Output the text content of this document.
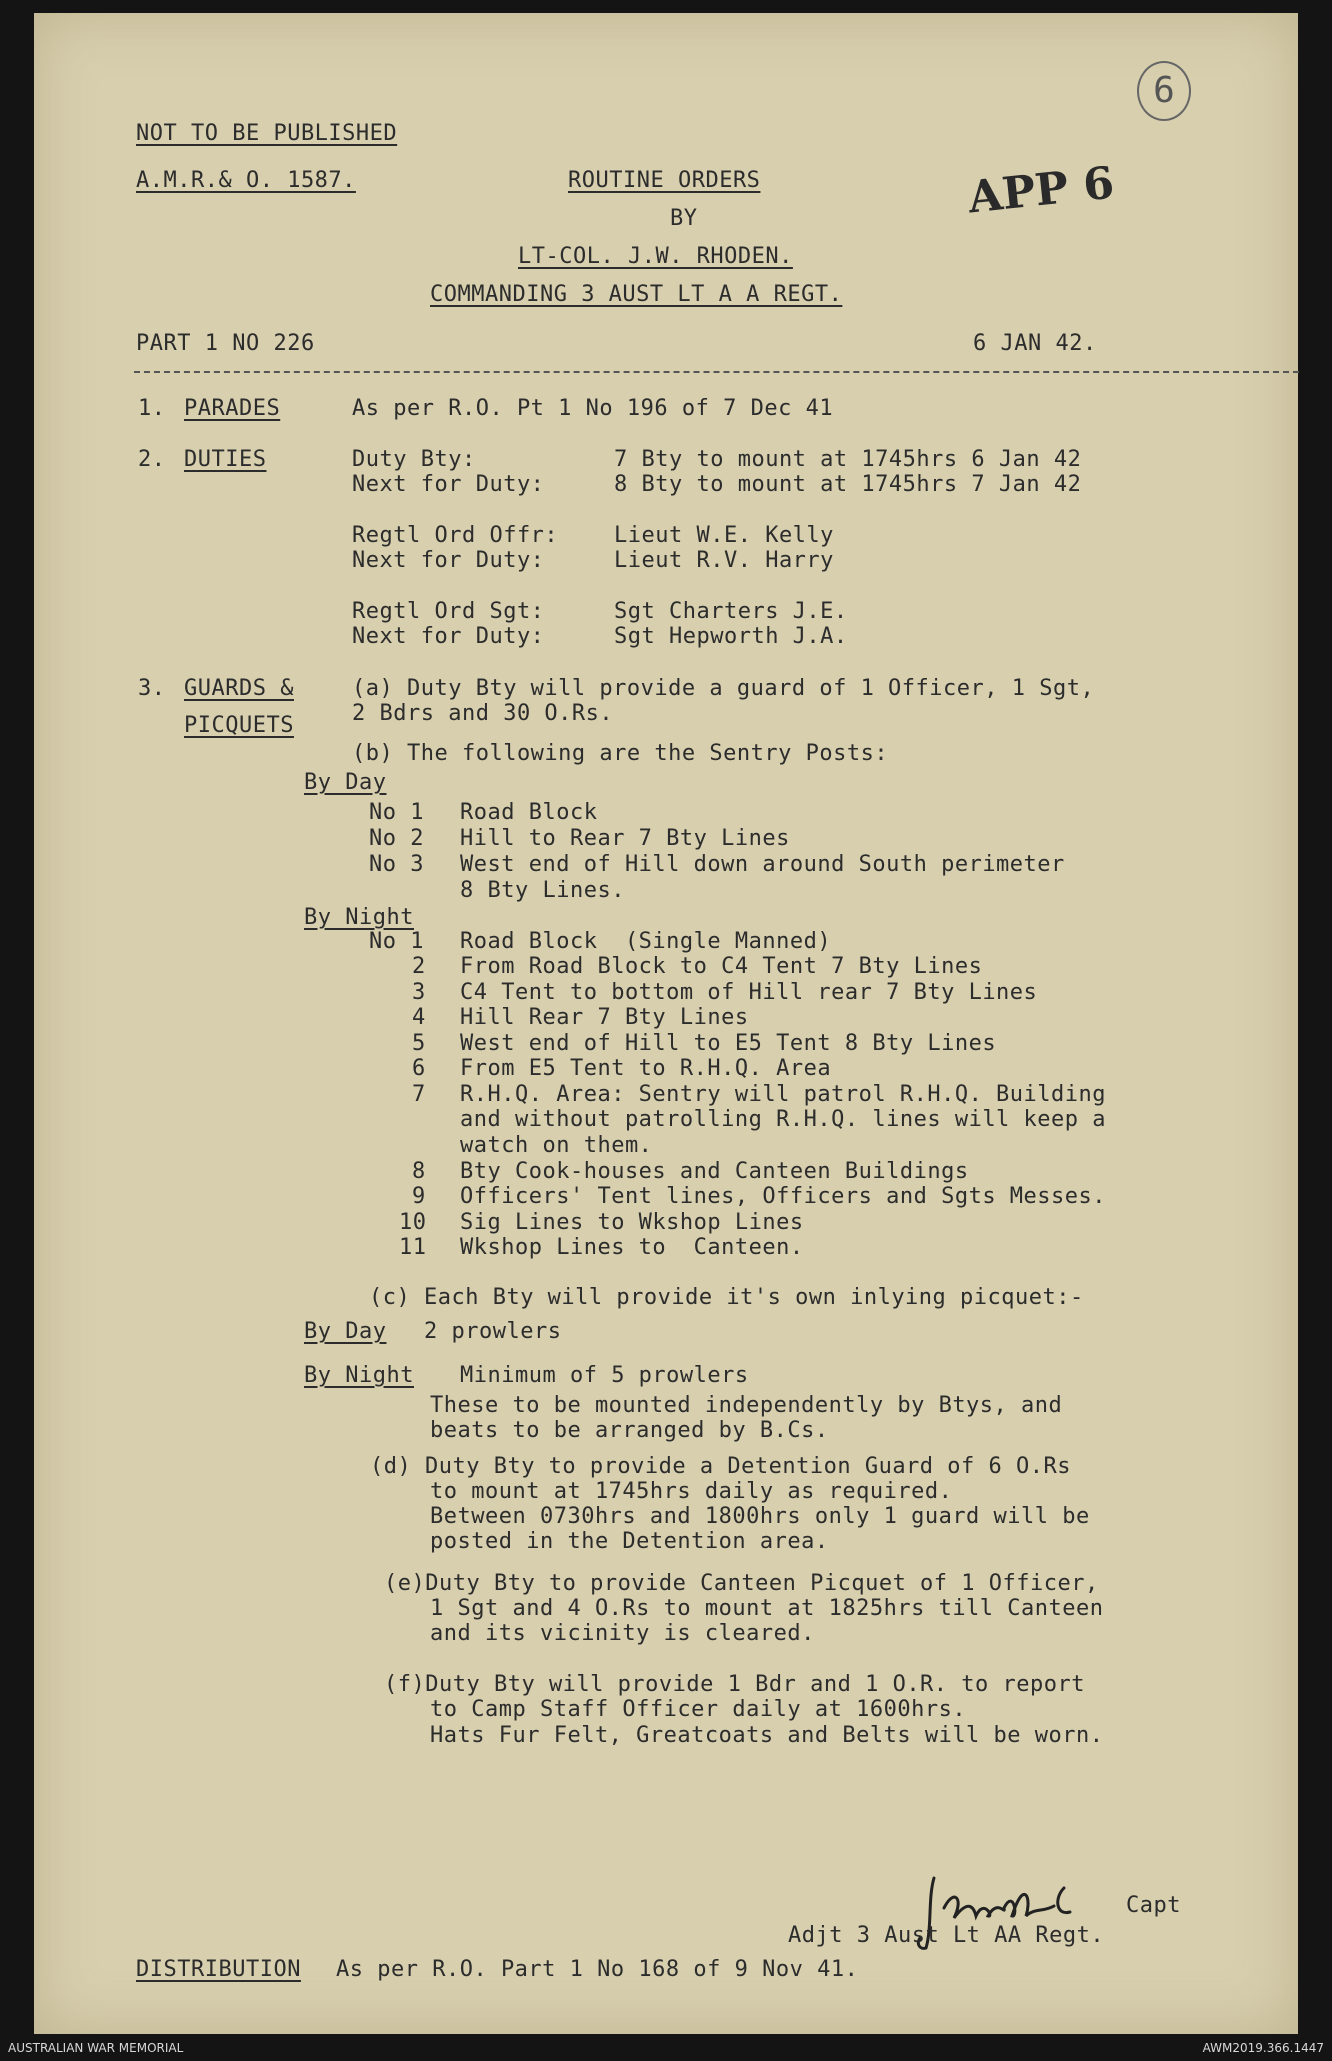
NOT TO BE PUBLISHED
A.M.R.& O. 1587.	ROUTINE ORDERS
BY
LT-COL. J.W. RHODEN.
COMMANDING 3 AUST LT A A REGT.
APP 6
6
PART 1 NO 226	6 JAN 42.
1. PARADES	As per R.O. Pt 1 No 196 of 7 Dec 41
2. DUTIES	Duty Bty:	7 Bty to mount at 1745hrs 6 Jan 42
Next for Duty:	8 Bty to mount at 1745hrs 7 Jan 42
Regtl Ord Offr:	Lieut W.E. Kelly
Next for Duty:	Lieut R.V. Harry
Regtl Ord Sgt:	Sgt Charters J.E.
Next for Duty:	Sgt Hepworth J.A.
3. GUARDS &
PICQUETS
(a) Duty Bty will provide a guard of 1 Officer, 1 Sgt,
2 Bdrs and 30 O.Rs.
(b) The following are the Sentry Posts:
By Day
No 1 Road Block
No 2 Hill to Rear 7 Bty Lines
No 3 West end of Hill down around South perimeter
8 Bty Lines.
By Night
No 1 Road Block  (Single Manned)
2 From Road Block to C4 Tent 7 Bty Lines
3 C4 Tent to bottom of Hill rear 7 Bty Lines
4 Hill Rear 7 Bty Lines
5 West end of Hill to E5 Tent 8 Bty Lines
6 From E5 Tent to R.H.Q. Area
7 R.H.Q. Area: Sentry will patrol R.H.Q. Building
and without patrolling R.H.Q. lines will keep a
watch on them.
8 Bty Cook-houses and Canteen Buildings
9 Officers' Tent lines, Officers and Sgts Messes.
10 Sig Lines to Wkshop Lines
11 Wkshop Lines to  Canteen.
(c) Each Bty will provide it's own inlying picquet:-
By Day 2 prowlers
By Night Minimum of 5 prowlers
These to be mounted independently by Btys, and
beats to be arranged by B.Cs.
(d) Duty Bty to provide a Detention Guard of 6 O.Rs
to mount at 1745hrs daily as required.
Between 0730hrs and 1800hrs only 1 guard will be
posted in the Detention area.
(e)Duty Bty to provide Canteen Picquet of 1 Officer,
1 Sgt and 4 O.Rs to mount at 1825hrs till Canteen
and its vicinity is cleared.
(f)Duty Bty will provide 1 Bdr and 1 O.R. to report
to Camp Staff Officer daily at 1600hrs.
Hats Fur Felt, Greatcoats and Belts will be worn.
Capt
Adjt 3 Aust Lt AA Regt.
DISTRIBUTION As per R.O. Part 1 No 168 of 9 Nov 41.
AUSTRALIAN WAR MEMORIAL	AWM2019.366.1447
